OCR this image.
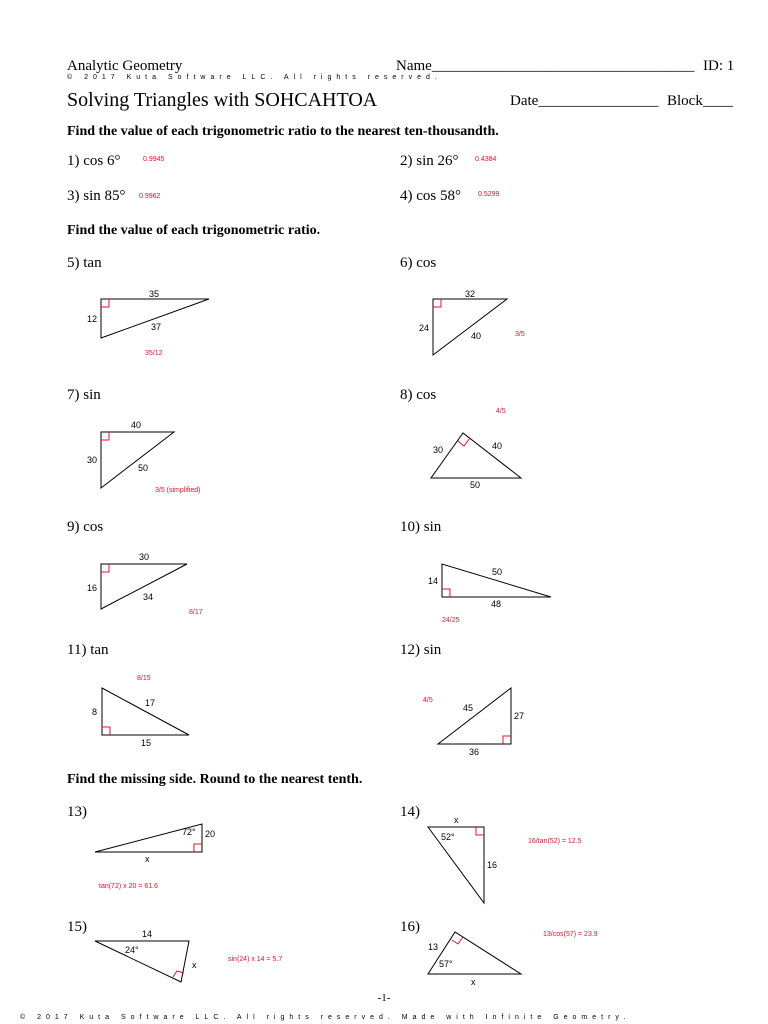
Analytic Geometry
© 2017 Kuta Software LLC. All rights reserved.
Name___________________________________ ID: 1
Solving Triangles with SOHCAHTOA	Date________________ Block____
Find the value of each trigonometric ratio to the nearest ten-thousandth.
1) cos 6°	0.9945	2) sin 26° 0.4384
3) sin 85° 0.9962	4) cos 58° 0.5299
Find the value of each trigonometric ratio.
5) tan
35
12
37
35/12
6) cos
32
24
40	3/5
7) sin
40
30
50
3/5 (simplified)
8) cos
4/5
30	40
50
9) cos
30
16
34
8/17
10) sin
14
50
48
24/25
11) tan
8/15
8
17
15
12) sin
4/5
45
27
36
Find the missing side. Round to the nearest tenth.
13)
72° 20
x
tan(72) x 20 = 61.6
14)	x
52°
16
16/tan(52) = 12.5
15)	14
24°
x
sin(24) x 14 = 5.7
16)	13/cos(57) = 23.9
13
57°
x
-1-
© 2017 Kuta Software LLC. All rights reserved. Made with Infinite Geometry.
